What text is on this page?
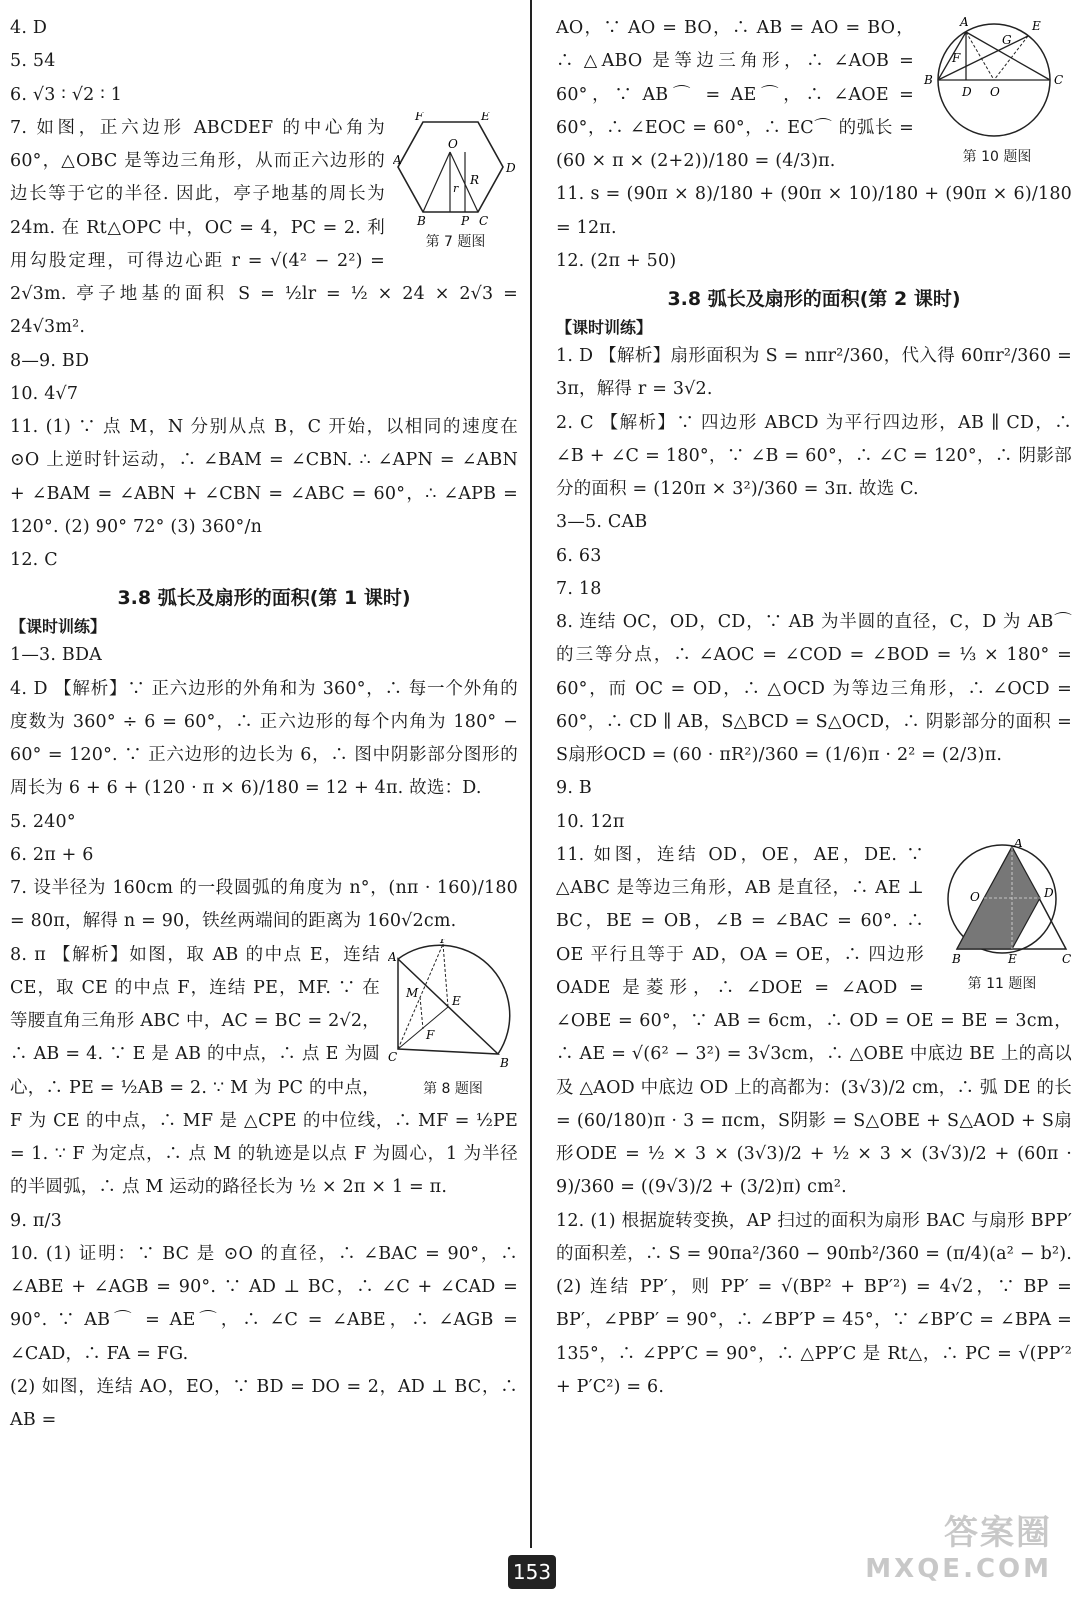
4. D

5. 54

6. √3 ∶ √2 ∶ 1

F	E
A
D
O
R
r
B	P C
第 7 题图

7. 如图，正六边形 ABCDEF 的中心角为 60°，△OBC 是等边三角形，从而正六边形的边长等于它的半径. 因此，亭子地基的周长为 24m. 在 Rt△OPC 中，OC = 4，PC = 2. 利用勾股定理，可得边心距 r = √(4² − 2²) = 2√3m. 亭子地基的面积 S = ½lr = ½ × 24 × 2√3 = 24√3m².

8—9. BD

10. 4√7

11. (1) ∵ 点 M，N 分别从点 B，C 开始，以相同的速度在 ⊙O 上逆时针运动，∴ ∠BAM = ∠CBN. ∴ ∠APN = ∠ABN + ∠BAM = ∠ABN + ∠CBN = ∠ABC = 60°，∴ ∠APB = 120°. (2) 90° 72° (3) 360°/n

12. C

3.8 弧长及扇形的面积(第 1 课时)
【课时训练】

1—3. BDA

4. D 【解析】∵ 正六边形的外角和为 360°，∴ 每一个外角的度数为 360° ÷ 6 = 60°，∴ 正六边形的每个内角为 180° − 60° = 120°. ∵ 正六边形的边长为 6，∴ 图中阴影部分图形的周长为 6 + 6 + (120 · π × 6)/180 = 12 + 4π. 故选：D.

5. 240°

6. 2π + 6

7. 设半径为 160cm 的一段圆弧的角度为 n°，(nπ · 160)/180 = 80π，解得 n = 90，铁丝两端间的距离为 160√2cm.

P
A
M
E
F
C	B
第 8 题图

8. π 【解析】如图，取 AB 的中点 E，连结 CE，取 CE 的中点 F，连结 PE，MF. ∵ 在等腰直角三角形 ABC 中，AC = BC = 2√2，∴ AB = 4. ∵ E 是 AB 的中点，∴ 点 E 为圆心，∴ PE = ½AB = 2. ∵ M 为 PC 的中点，F 为 CE 的中点，∴ MF 是 △CPE 的中位线，∴ MF = ½PE = 1. ∵ F 为定点，∴ 点 M 的轨迹是以点 F 为圆心，1 为半径的半圆弧，∴ 点 M 运动的路径长为 ½ × 2π × 1 = π.

9. π/3

10. (1) 证明：∵ BC 是 ⊙O 的直径，∴ ∠BAC = 90°，∴ ∠ABE + ∠AGB = 90°. ∵ AD ⊥ BC，∴ ∠C + ∠CAD = 90°. ∵ AB⌒ = AE⌒，∴ ∠C = ∠ABE，∴ ∠AGB = ∠CAD，∴ FA = FG.

(2) 如图，连结 AO，EO，∵ BD = DO = 2，AD ⊥ BC，∴ AB =

A	E
G
F
B
D O
C
第 10 题图

AO，∵ AO = BO，∴ AB = AO = BO，∴ △ABO 是等边三角形，∴ ∠AOB = 60°，∵ AB⌒ = AE⌒，∴ ∠AOE = 60°，∴ ∠EOC = 60°，∴ EC⌒ 的弧长 = (60 × π × (2+2))/180 = (4/3)π.

11. s = (90π × 8)/180 + (90π × 10)/180 + (90π × 6)/180 = 12π.

12. (2π + 50)

3.8 弧长及扇形的面积(第 2 课时)
【课时训练】

1. D 【解析】扇形面积为 S = nπr²/360，代入得 60πr²/360 = 3π，解得 r = 3√2.

2. C 【解析】∵ 四边形 ABCD 为平行四边形，AB ∥ CD，∴ ∠B + ∠C = 180°，∵ ∠B = 60°，∴ ∠C = 120°，∴ 阴影部分的面积 = (120π × 3²)/360 = 3π. 故选 C.

3—5. CAB

6. 63

7. 18

8. 连结 OC，OD，CD，∵ AB 为半圆的直径，C，D 为 AB⌒ 的三等分点，∴ ∠AOC = ∠COD = ∠BOD = ⅓ × 180° = 60°，而 OC = OD，∴ △OCD 为等边三角形，∴ ∠OCD = 60°，∴ CD ∥ AB，S△BCD = S△OCD，∴ 阴影部分的面积 = S扇形OCD = (60 · πR²)/360 = (1/6)π · 2² = (2/3)π.

9. B

10. 12π

A
O	D
B	E	C
第 11 题图

11. 如图，连结 OD，OE，AE，DE. ∵ △ABC 是等边三角形，AB 是直径，∴ AE ⊥ BC，BE = OB，∠B = ∠BAC = 60°. ∴ OE 平行且等于 AD，OA = OE，∴ 四边形 OADE 是菱形，∴ ∠DOE = ∠AOD = ∠OBE = 60°，∵ AB = 6cm，∴ OD = OE = BE = 3cm，∴ AE = √(6² − 3²) = 3√3cm，∴ △OBE 中底边 BE 上的高以及 △AOD 中底边 OD 上的高都为：(3√3)/2 cm，∴ 弧 DE 的长 = (60/180)π · 3 = πcm，S阴影 = S△OBE + S△AOD + S扇形ODE = ½ × 3 × (3√3)/2 + ½ × 3 × (3√3)/2 + (60π · 9)/360 = ((9√3)/2 + (3/2)π) cm².

12. (1) 根据旋转变换，AP 扫过的面积为扇形 BAC 与扇形 BPP′ 的面积差，∴ S = 90πa²/360 − 90πb²/360 = (π/4)(a² − b²). (2) 连结 PP′，则 PP′ = √(BP² + BP′²) = 4√2，∵ BP = BP′，∠PBP′ = 90°，∴ ∠BP′P = 45°，∵ ∠BP′C = ∠BPA = 135°，∴ ∠PP′C = 90°，∴ △PP′C 是 Rt△，∴ PC = √(PP′² + P′C²) = 6.

153
答案圈
MXQE.COM
